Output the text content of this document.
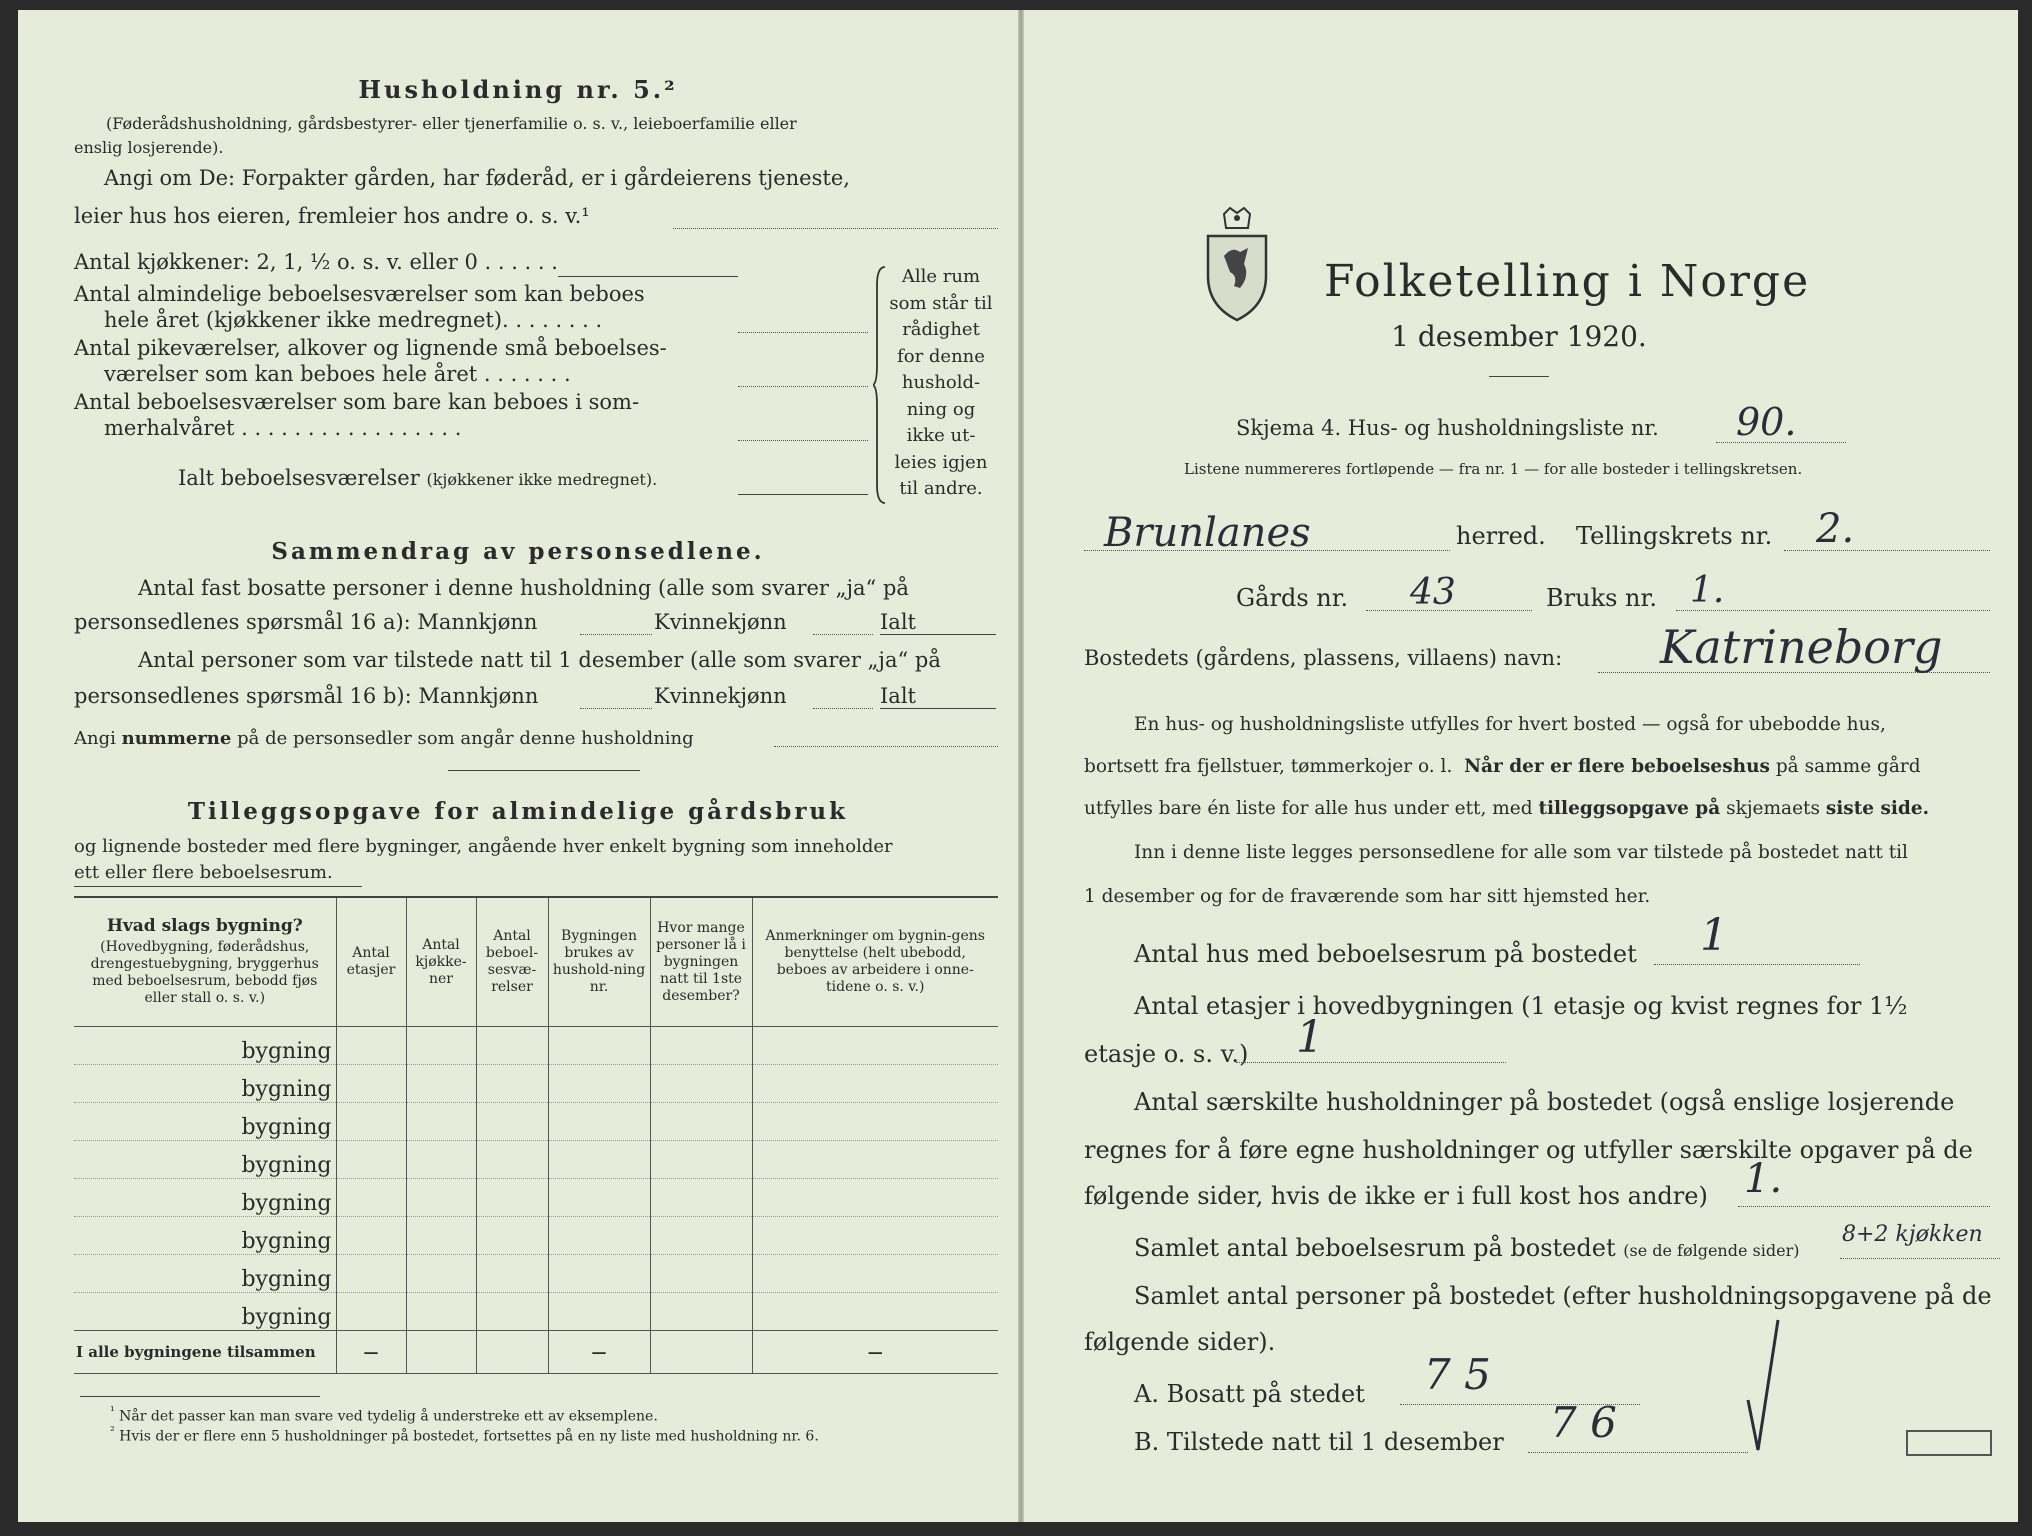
Husholdning nr. 5.²
(Føderådshusholdning, gårdsbestyrer- eller tjenerfamilie o. s. v., leieboerfamilie eller
enslig losjerende).
Angi om De: Forpakter gården, har føderåd, er i gårdeierens tjeneste,
leier hus hos eieren, fremleier hos andre o. s. v.¹
Antal kjøkkener: 2, 1, ½ o. s. v. eller 0 . . . . . .
Antal almindelige beboelsesværelser som kan beboes
hele året (kjøkkener ikke medregnet). . . . . . . .
Antal pikeværelser, alkover og lignende små beboelses-
værelser som kan beboes hele året . . . . . . .
Antal beboelsesværelser som bare kan beboes i som-
merhalvåret . . . . . . . . . . . . . . . . .
Ialt beboelsesværelser (kjøkkener ikke medregnet).
Alle rum
som står til
rådighet
for denne
hushold-
ning og
ikke ut-
leies igjen
til andre.
Sammendrag av personsedlene.
Antal fast bosatte personer i denne husholdning (alle som svarer „ja“ på
personsedlenes spørsmål 16 a): Mannkjønn	Kvinnekjønn	Ialt
Antal personer som var tilstede natt til 1 desember (alle som svarer „ja“ på
personsedlenes spørsmål 16 b): Mannkjønn	Kvinnekjønn	Ialt
Angi nummerne på de personsedler som angår denne husholdning
Tilleggsopgave for almindelige gårdsbruk
og lignende bosteder med flere bygninger, angående hver enkelt bygning som inneholder
ett eller flere beboelsesrum.
Hvad slags bygning?
(Hovedbygning, føderådshus, drengestuebygning, bryggerhus med beboelsesrum, bebodd fjøs eller stall o. s. v.)	Antal etasjer	Antal kjøkke-ner	Antal beboel-sesvæ-relser	Bygningen brukes av hushold-ning nr.	Hvor mange personer lå i bygningen natt til 1ste desember?	Anmerkninger om bygnin-gens benyttelse (helt ubebodd, beboes av arbeidere i onne-tidene o. s. v.)
bygning						
bygning						
bygning						
bygning						
bygning						
bygning						
bygning						
bygning						
I alle bygningene tilsammen	—			—		—
$^{^1}$ Når det passer kan man svare ved tydelig å understreke ett av eksemplene.
$^{^2}$ Hvis der er flere enn 5 husholdninger på bostedet, fortsettes på en ny liste med husholdning nr. 6.
Folketelling i Norge
1 desember 1920.
Skjema 4. Hus- og husholdningsliste nr. 90.
Listene nummereres fortløpende — fra nr. 1 — for alle bosteder i tellingskretsen.
Brunlanes	herred. Tellingskrets nr. 2.
Gårds nr. 43	Bruks nr. 1.
Bostedets (gårdens, plassens, villaens) navn: Katrineborg
En hus- og husholdningsliste utfylles for hvert bosted — også for ubebodde hus,
bortsett fra fjellstuer, tømmerkojer o. l. Når der er flere beboelseshus på samme gård
utfylles bare én liste for alle hus under ett, med tilleggsopgave på skjemaets siste side.
Inn i denne liste legges personsedlene for alle som var tilstede på bostedet natt til
1 desember og for de fraværende som har sitt hjemsted her.
Antal hus med beboelsesrum på bostedet 1
Antal etasjer i hovedbygningen (1 etasje og kvist regnes for 1½
etasje o. s. v.) 1
Antal særskilte husholdninger på bostedet (også enslige losjerende
regnes for å føre egne husholdninger og utfyller særskilte opgaver på de
følgende sider, hvis de ikke er i full kost hos andre) 1.
Samlet antal beboelsesrum på bostedet (se de følgende sider)
8+2 kjøkken
Samlet antal personer på bostedet (efter husholdningsopgavene på de
følgende sider).
A. Bosatt på stedet 7 5
B. Tilstede natt til 1 desember 7 6
